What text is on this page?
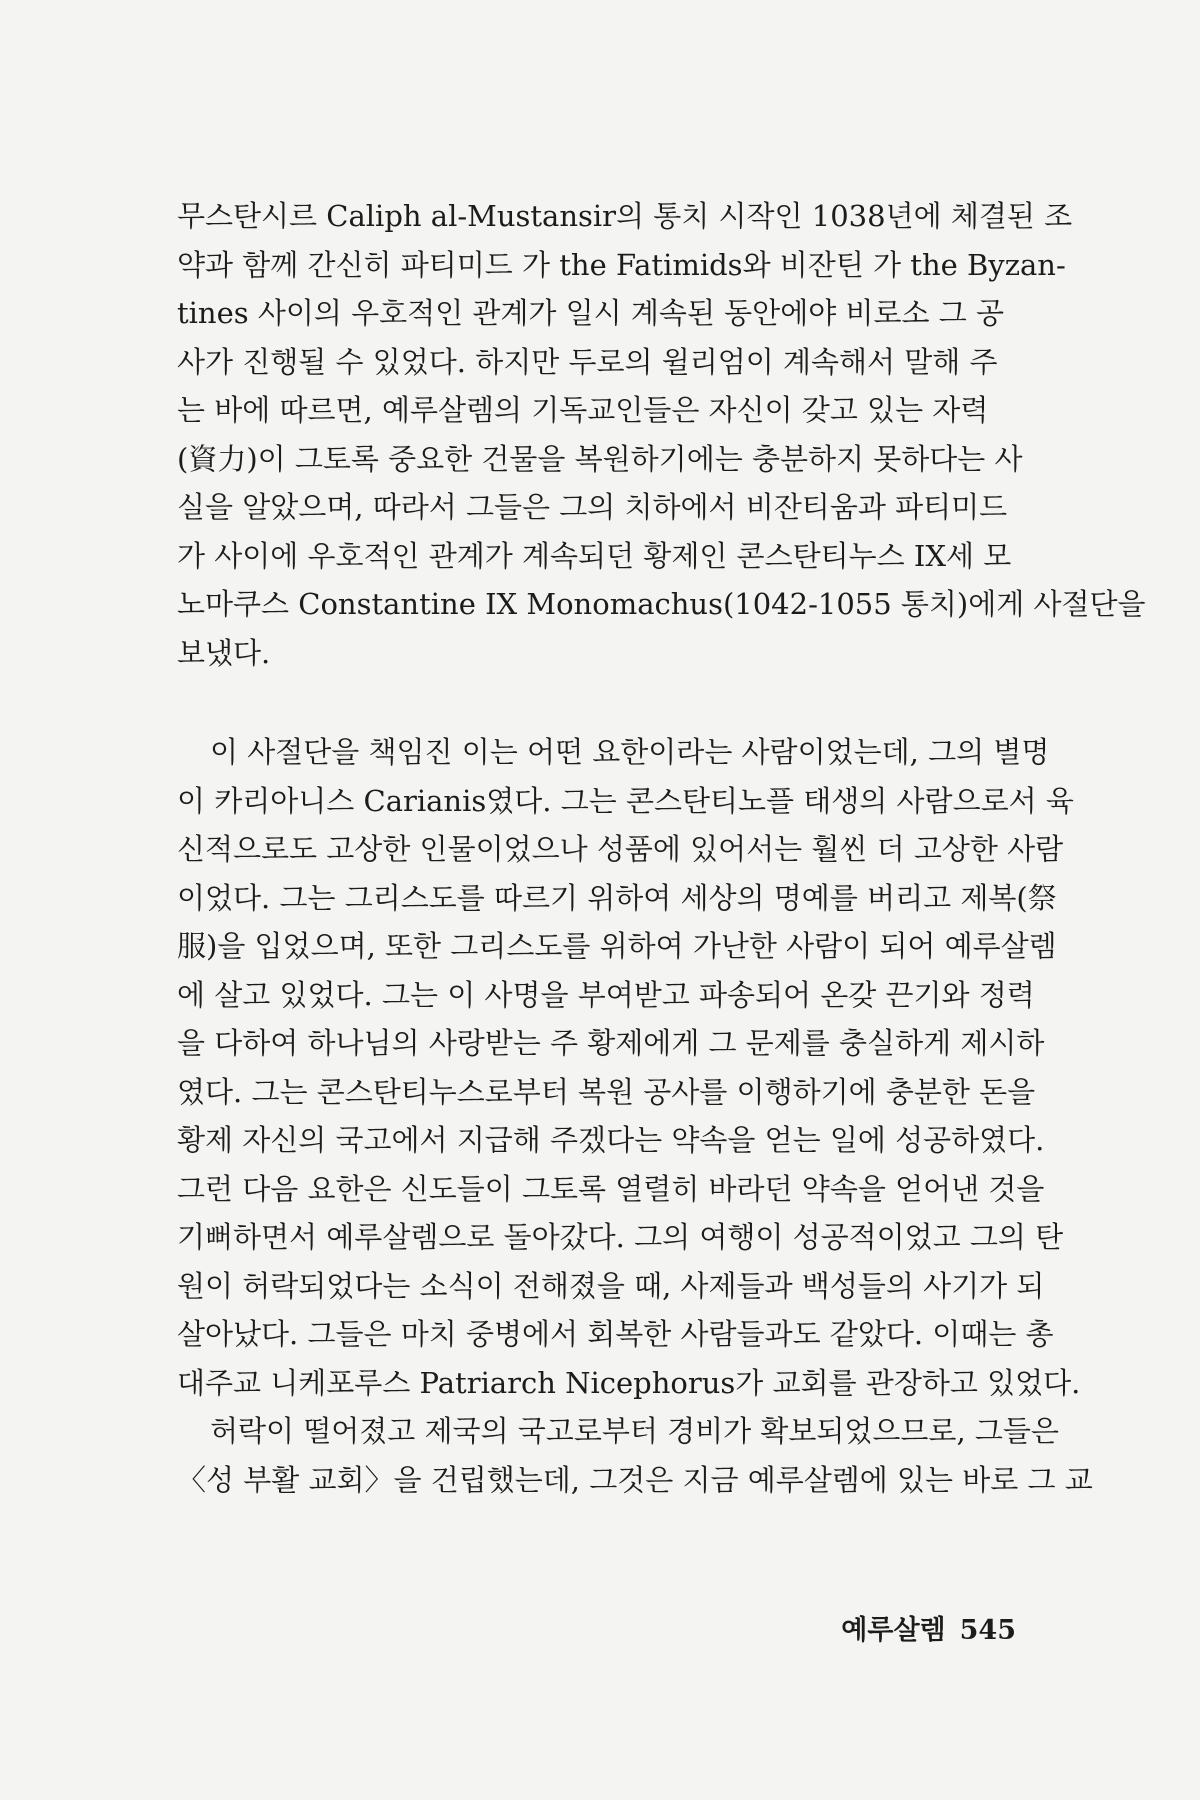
무스탄시르 Caliph al-Mustansir의 통치 시작인 1038년에 체결된 조
약과 함께 간신히 파티미드 가 the Fatimids와 비잔틴 가 the Byzan-
tines 사이의 우호적인 관계가 일시 계속된 동안에야 비로소 그 공
사가 진행될 수 있었다. 하지만 두로의 윌리엄이 계속해서 말해 주
는 바에 따르면, 예루살렘의 기독교인들은 자신이 갖고 있는 자력
(資力)이 그토록 중요한 건물을 복원하기에는 충분하지 못하다는 사
실을 알았으며, 따라서 그들은 그의 치하에서 비잔티움과 파티미드
가 사이에 우호적인 관계가 계속되던 황제인 콘스탄티누스 IX세 모
노마쿠스 Constantine IX Monomachus(1042-1055 통치)에게 사절단을
보냈다.
이 사절단을 책임진 이는 어떤 요한이라는 사람이었는데, 그의 별명
이 카리아니스 Carianis였다. 그는 콘스탄티노플 태생의 사람으로서 육
신적으로도 고상한 인물이었으나 성품에 있어서는 훨씬 더 고상한 사람
이었다. 그는 그리스도를 따르기 위하여 세상의 명예를 버리고 제복(祭
服)을 입었으며, 또한 그리스도를 위하여 가난한 사람이 되어 예루살렘
에 살고 있었다. 그는 이 사명을 부여받고 파송되어 온갖 끈기와 정력
을 다하여 하나님의 사랑받는 주 황제에게 그 문제를 충실하게 제시하
였다. 그는 콘스탄티누스로부터 복원 공사를 이행하기에 충분한 돈을
황제 자신의 국고에서 지급해 주겠다는 약속을 얻는 일에 성공하였다.
그런 다음 요한은 신도들이 그토록 열렬히 바라던 약속을 얻어낸 것을
기뻐하면서 예루살렘으로 돌아갔다. 그의 여행이 성공적이었고 그의 탄
원이 허락되었다는 소식이 전해졌을 때, 사제들과 백성들의 사기가 되
살아났다. 그들은 마치 중병에서 회복한 사람들과도 같았다. 이때는 총
대주교 니케포루스 Patriarch Nicephorus가 교회를 관장하고 있었다.
허락이 떨어졌고 제국의 국고로부터 경비가 확보되었으므로, 그들은
〈성 부활 교회〉을 건립했는데, 그것은 지금 예루살렘에 있는 바로 그 교
예루살렘 545
